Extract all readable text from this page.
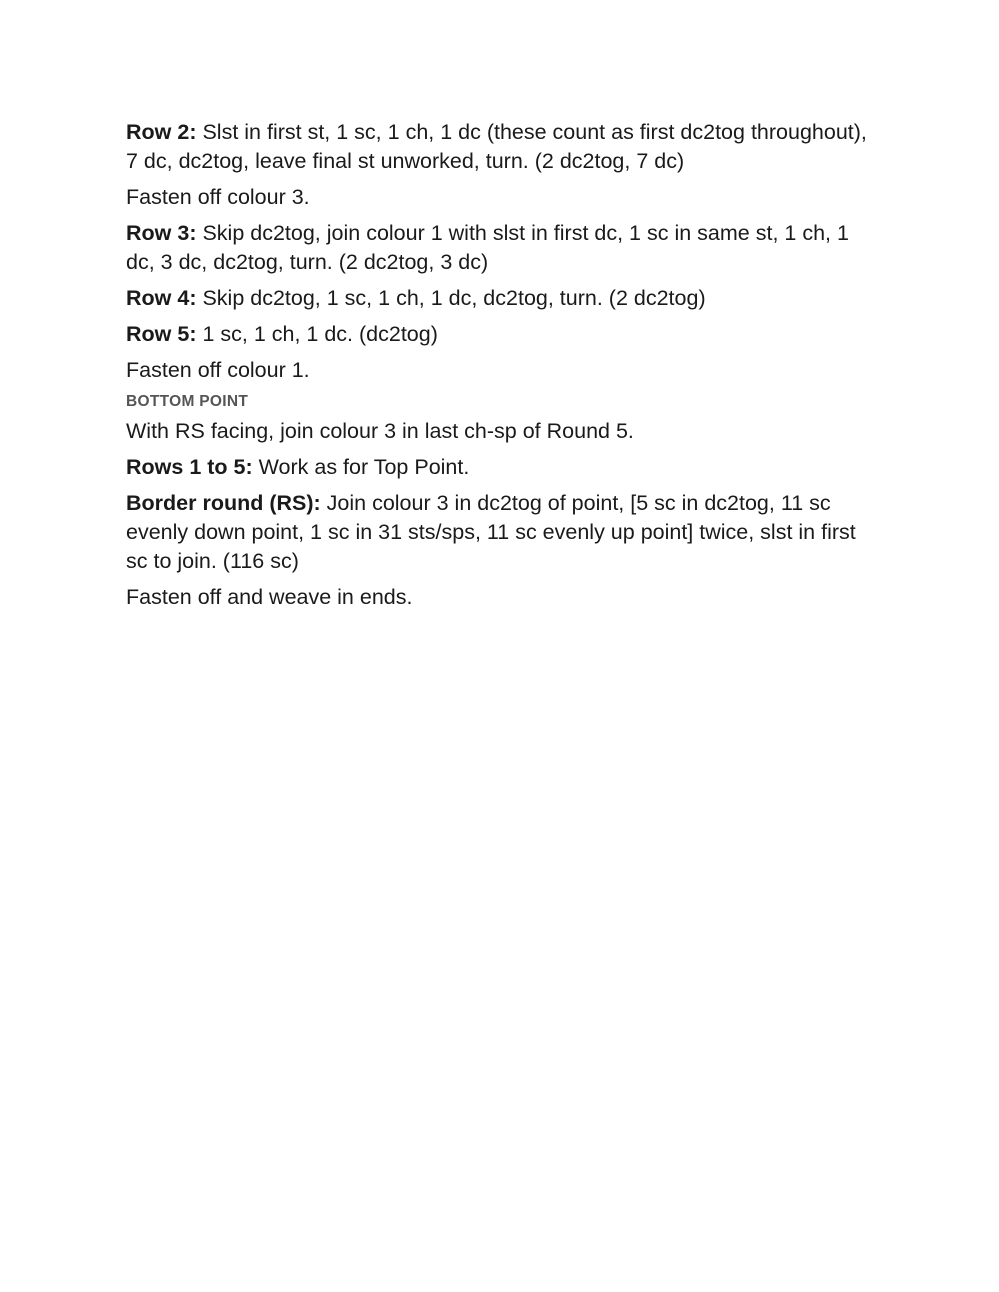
Row 2: Slst in first st, 1 sc, 1 ch, 1 dc (these count as first dc2tog throughout), 7 dc, dc2tog, leave final st unworked, turn. (2 dc2tog, 7 dc)

Fasten off colour 3.

Row 3: Skip dc2tog, join colour 1 with slst in first dc, 1 sc in same st, 1 ch, 1 dc, 3 dc, dc2tog, turn. (2 dc2tog, 3 dc)

Row 4: Skip dc2tog, 1 sc, 1 ch, 1 dc, dc2tog, turn. (2 dc2tog)

Row 5: 1 sc, 1 ch, 1 dc. (dc2tog)

Fasten off colour 1.

BOTTOM POINT

With RS facing, join colour 3 in last ch-sp of Round 5.

Rows 1 to 5: Work as for Top Point.

Border round (RS): Join colour 3 in dc2tog of point, [5 sc in dc2tog, 11 sc evenly down point, 1 sc in 31 sts/sps, 11 sc evenly up point] twice, slst in first sc to join. (116 sc)

Fasten off and weave in ends.
